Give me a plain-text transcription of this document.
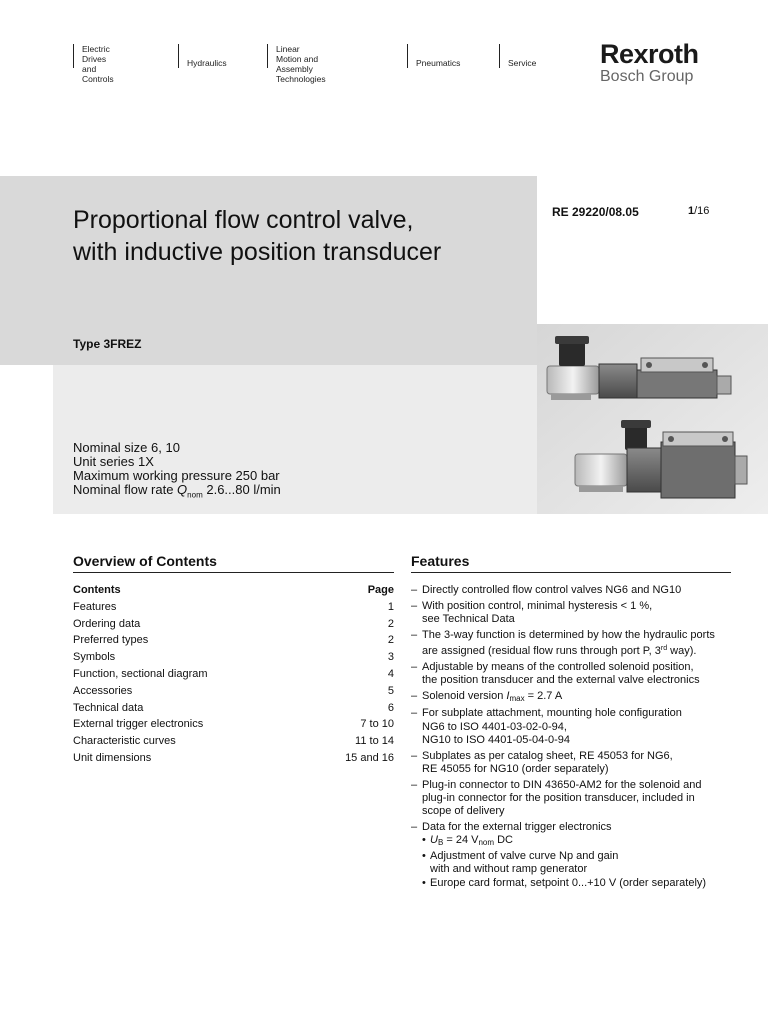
Electric Drives
and Controls
Hydraulics
Linear Motion and
Assembly Technologies
Pneumatics	Service Rexroth
Bosch Group
Proportional flow control valve,
with inductive position transducer
RE 29220/08.05	1/16
Type 3FREZ
Nominal size 6, 10
Unit series 1X
Maximum working pressure 250 bar
Nominal flow rate $Q_{nom}$ 2.6...80 l/min
Overview of Contents
Contents	Page
Features	1
Ordering data	2
Preferred types	2
Symbols	3
Function, sectional diagram	4
Accessories	5
Technical data	6
External trigger electronics	7 to 10
Characteristic curves	11 to 14
Unit dimensions	15 and 16
Features
– Directly controlled flow control valves NG6 and NG10
– With position control, minimal hysteresis < 1 %,
see Technical Data
– The 3-way function is determined by how the hydraulic ports
are assigned (residual flow runs through port P, 3rd way).
– Adjustable by means of the controlled solenoid position,
the position transducer and the external valve electronics
– Solenoid version $I_{max} = 2.7$ A
– For subplate attachment, mounting hole configuration
NG6 to ISO 4401-03-02-0-94,
NG10 to ISO 4401-05-04-0-94
– Subplates as per catalog sheet, RE 45053 for NG6,
RE 45055 for NG10 (order separately)
– Plug-in connector to DIN 43650-AM2 for the solenoid and
plug-in connector for the position transducer, included in
scope of delivery
– Data for the external trigger electronics
• $U_B = 24$ $V_{nom}$ DC
• Adjustment of valve curve Np and gain
with and without ramp generator
• Europe card format, setpoint 0...+10 V (order separately)
